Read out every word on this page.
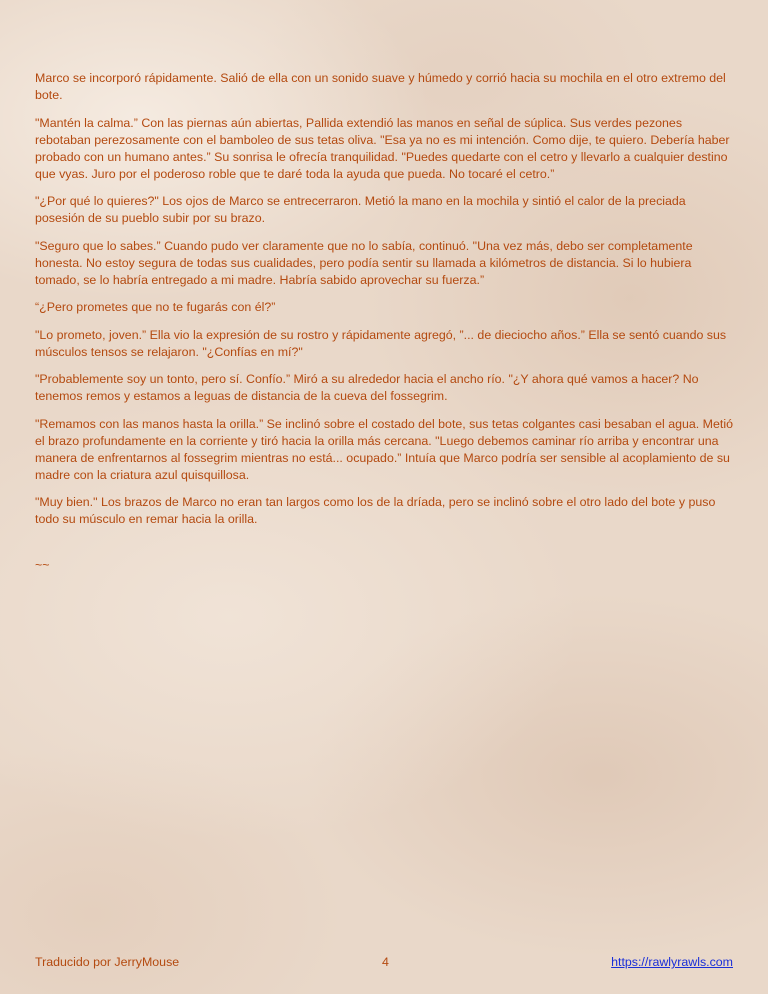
Marco se incorporó rápidamente. Salió de ella con un sonido suave y húmedo y corrió hacia su mochila en el otro extremo del bote.

"Mantén la calma.” Con las piernas aún abiertas, Pallida extendió las manos en señal de súplica. Sus verdes pezones rebotaban perezosamente con el bamboleo de sus tetas oliva. "Esa ya no es mi intención. Como dije, te quiero. Debería haber probado con un humano antes.” Su sonrisa le ofrecía tranquilidad. "Puedes quedarte con el cetro y llevarlo a cualquier destino que vyas. Juro por el poderoso roble que te daré toda la ayuda que pueda. No tocaré el cetro.”

"¿Por qué lo quieres?" Los ojos de Marco se entrecerraron. Metió la mano en la mochila y sintió el calor de la preciada posesión de su pueblo subir por su brazo.

"Seguro que lo sabes.” Cuando pudo ver claramente que no lo sabía, continuó. "Una vez más, debo ser completamente honesta. No estoy segura de todas sus cualidades, pero podía sentir su llamada a kilómetros de distancia. Si lo hubiera tomado, se lo habría entregado a mi madre. Habría sabido aprovechar su fuerza.”

“¿Pero prometes que no te fugarás con él?”

"Lo prometo, joven.” Ella vio la expresión de su rostro y rápidamente agregó, ”... de dieciocho años.” Ella se sentó cuando sus músculos tensos se relajaron. "¿Confías en mí?"

"Probablemente soy un tonto, pero sí. Confío.” Miró a su alrededor hacia el ancho río. "¿Y ahora qué vamos a hacer? No tenemos remos y estamos a leguas de distancia de la cueva del fossegrim.

"Remamos con las manos hasta la orilla.” Se inclinó sobre el costado del bote, sus tetas colgantes casi besaban el agua. Metió el brazo profundamente en la corriente y tiró hacia la orilla más cercana. "Luego debemos caminar río arriba y encontrar una manera de enfrentarnos al fossegrim mientras no está... ocupado.” Intuía que Marco podría ser sensible al acoplamiento de su madre con la criatura azul quisquillosa.

"Muy bien." Los brazos de Marco no eran tan largos como los de la dríada, pero se inclinó sobre el otro lado del bote y puso todo su músculo en remar hacia la orilla.

~~
Traducido por JerryMouse	4	https://rawlyrawls.com
